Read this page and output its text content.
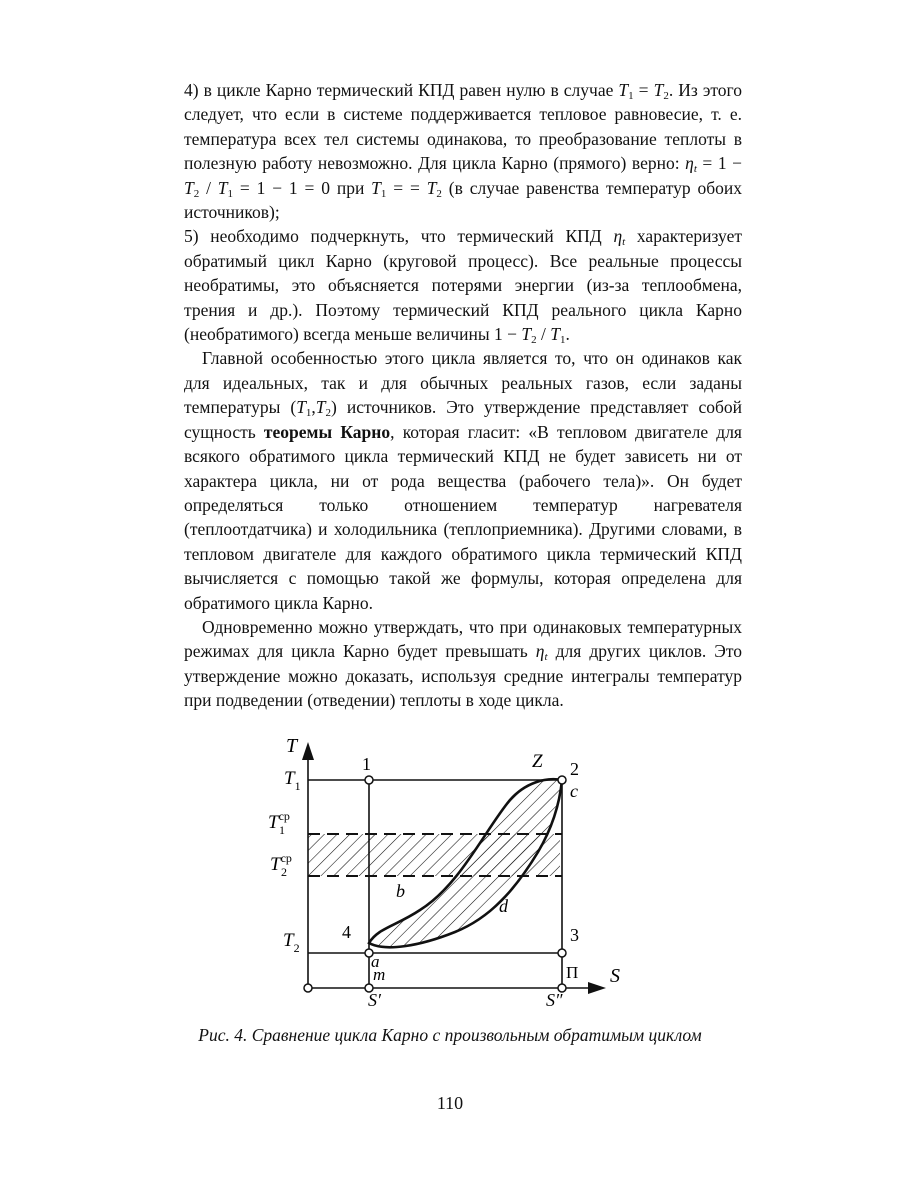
4) в цикле Карно термический КПД равен нулю в случае $T_1 = T_2$. Из этого следует, что если в системе поддерживается тепловое равновесие, т. е. температура всех тел системы одинакова, то преобразование теплоты в полезную работу невозможно. Для цикла Карно (прямого) верно: $\eta_t = 1 - T_2 / T_1 = 1 - 1 = 0$ при $T_1$ = = $T_2$ (в случае равенства температур обоих источников);

5) необходимо подчеркнуть, что термический КПД $\eta_t$ характеризует обратимый цикл Карно (круговой процесс). Все реальные процессы необратимы, это объясняется потерями энергии (из-за теплообмена, трения и др.). Поэтому термический КПД реального цикла Карно (необратимого) всегда меньше величины $1 - T_2 / T_1$.

Главной особенностью этого цикла является то, что он одинаков как для идеальных, так и для обычных реальных газов, если заданы температуры $(T_1,T_2)$ источников. Это утверждение представляет собой сущность теоремы Карно, которая гласит: «В тепловом двигателе для всякого обратимого цикла термический КПД не будет зависеть ни от характера цикла, ни от рода вещества (рабочего тела)». Он будет определяться только отношением температур нагревателя (теплоотдатчика) и холодильника (теплоприемника). Другими словами, в тепловом двигателе для каждого обратимого цикла термический КПД вычисляется с помощью такой же формулы, которая определена для обратимого цикла Карно.

Одновременно можно утверждать, что при одинаковых температурных режимах для цикла Карно будет превышать $\eta_t$ для других циклов. Это утверждение можно доказать, используя средние интегралы температур при подведении (отведении) теплоты в ходе цикла.

T
S
$T_1$
$T^{ср}$ 1
$T^{ср}$ 2
$T_2$
1	Z 2
c
b
d
4	3
a
m	П
S′	S″
Рис. 4. Сравнение цикла Карно с произвольным обратимым циклом
110
